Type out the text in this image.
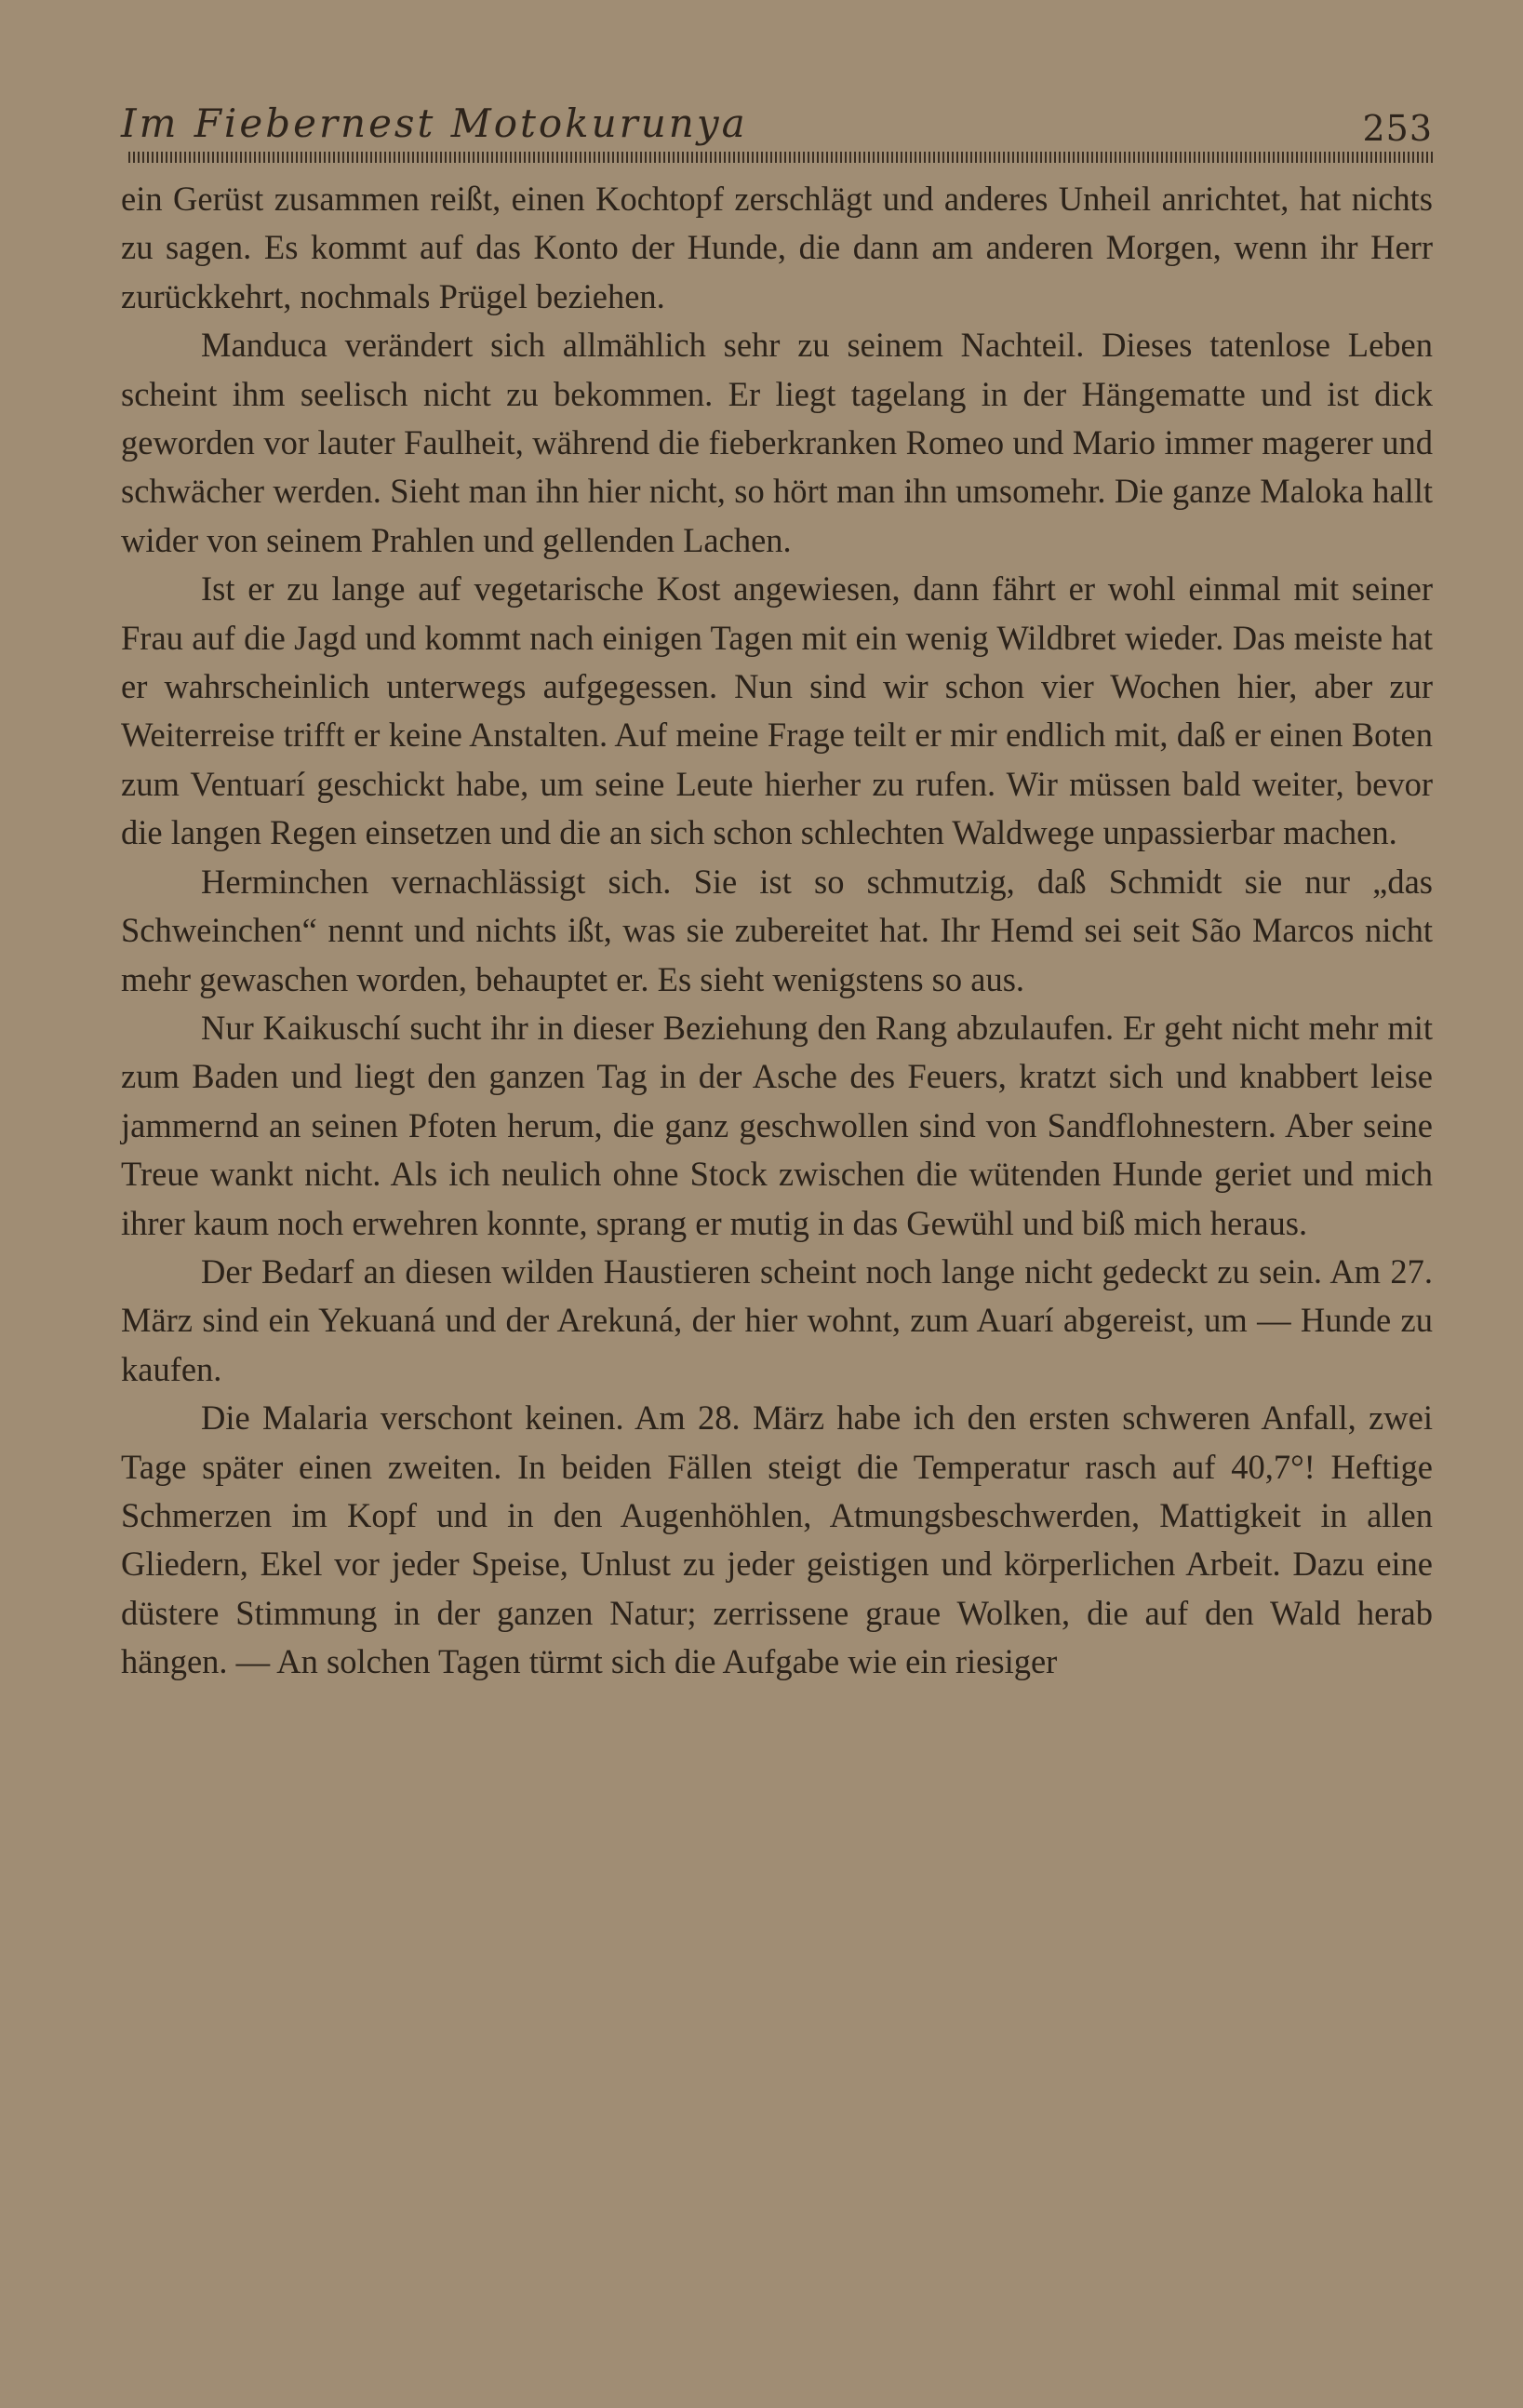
Im Fiebernest Motokurunya	253

ein Gerüst zusammen reißt, einen Kochtopf zerschlägt und anderes Unheil anrichtet, hat nichts zu sagen. Es kommt auf das Konto der Hunde, die dann am anderen Morgen, wenn ihr Herr zurückkehrt, nochmals Prügel beziehen.

Manduca verändert sich allmählich sehr zu seinem Nachteil. Dieses tatenlose Leben scheint ihm seelisch nicht zu bekommen. Er liegt tagelang in der Hängematte und ist dick geworden vor lauter Faulheit, während die fieberkranken Romeo und Mario immer magerer und schwächer werden. Sieht man ihn hier nicht, so hört man ihn umsomehr. Die ganze Maloka hallt wider von seinem Prahlen und gellenden Lachen.

Ist er zu lange auf vegetarische Kost angewiesen, dann fährt er wohl einmal mit seiner Frau auf die Jagd und kommt nach einigen Tagen mit ein wenig Wildbret wieder. Das meiste hat er wahrscheinlich unterwegs aufgegessen. Nun sind wir schon vier Wochen hier, aber zur Weiterreise trifft er keine Anstalten. Auf meine Frage teilt er mir endlich mit, daß er einen Boten zum Ventuarí geschickt habe, um seine Leute hierher zu rufen. Wir müssen bald weiter, bevor die langen Regen einsetzen und die an sich schon schlechten Waldwege unpassierbar machen.

Herminchen vernachlässigt sich. Sie ist so schmutzig, daß Schmidt sie nur „das Schweinchen“ nennt und nichts ißt, was sie zubereitet hat. Ihr Hemd sei seit São Marcos nicht mehr gewaschen worden, behauptet er. Es sieht wenigstens so aus.

Nur Kaikuschí sucht ihr in dieser Beziehung den Rang abzulaufen. Er geht nicht mehr mit zum Baden und liegt den ganzen Tag in der Asche des Feuers, kratzt sich und knabbert leise jammernd an seinen Pfoten herum, die ganz geschwollen sind von Sandflohnestern. Aber seine Treue wankt nicht. Als ich neulich ohne Stock zwischen die wütenden Hunde geriet und mich ihrer kaum noch erwehren konnte, sprang er mutig in das Gewühl und biß mich heraus.

Der Bedarf an diesen wilden Haustieren scheint noch lange nicht gedeckt zu sein. Am 27. März sind ein Yekuaná und der Arekuná, der hier wohnt, zum Auarí abgereist, um — Hunde zu kaufen.

Die Malaria verschont keinen. Am 28. März habe ich den ersten schweren Anfall, zwei Tage später einen zweiten. In beiden Fällen steigt die Temperatur rasch auf 40,7°! Heftige Schmerzen im Kopf und in den Augenhöhlen, Atmungsbeschwerden, Mattigkeit in allen Gliedern, Ekel vor jeder Speise, Unlust zu jeder geistigen und körperlichen Arbeit. Dazu eine düstere Stimmung in der ganzen Natur; zerrissene graue Wolken, die auf den Wald herab hängen. — An solchen Tagen türmt sich die Aufgabe wie ein riesiger
